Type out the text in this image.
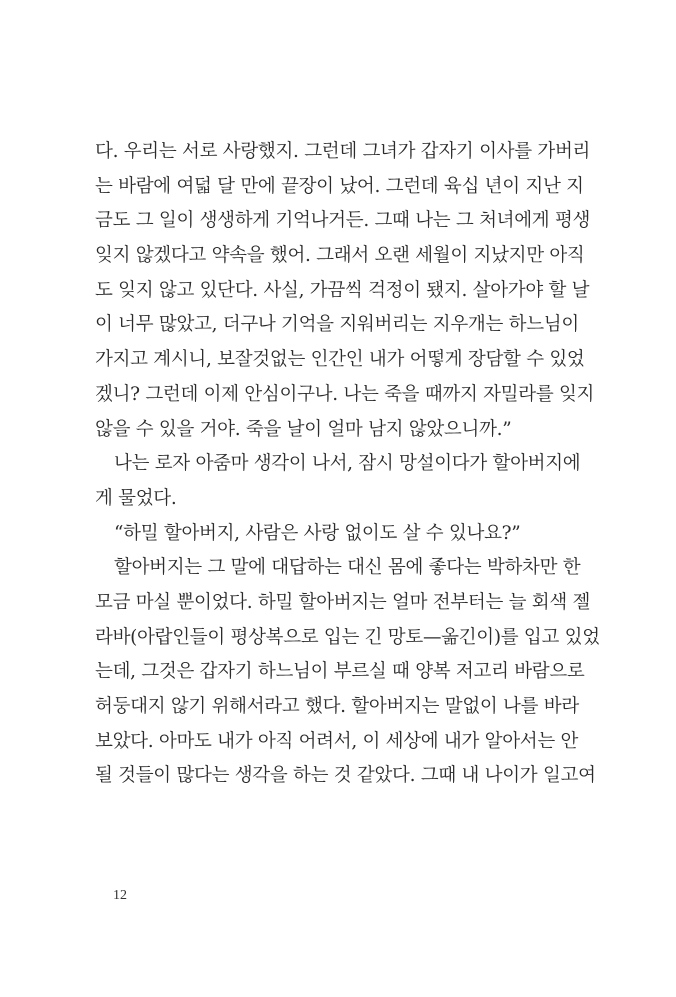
다. 우리는 서로 사랑했지. 그런데 그녀가 갑자기 이사를 가버리
는 바람에 여덟 달 만에 끝장이 났어. 그런데 육십 년이 지난 지
금도 그 일이 생생하게 기억나거든. 그때 나는 그 처녀에게 평생
잊지 않겠다고 약속을 했어. 그래서 오랜 세월이 지났지만 아직
도 잊지 않고 있단다. 사실, 가끔씩 걱정이 됐지. 살아가야 할 날
이 너무 많았고, 더구나 기억을 지워버리는 지우개는 하느님이
가지고 계시니, 보잘것없는 인간인 내가 어떻게 장담할 수 있었
겠니? 그런데 이제 안심이구나. 나는 죽을 때까지 자밀라를 잊지
않을 수 있을 거야. 죽을 날이 얼마 남지 않았으니까.”
나는 로자 아줌마 생각이 나서, 잠시 망설이다가 할아버지에
게 물었다.
“하밀 할아버지, 사람은 사랑 없이도 살 수 있나요?”
할아버지는 그 말에 대답하는 대신 몸에 좋다는 박하차만 한
모금 마실 뿐이었다. 하밀 할아버지는 얼마 전부터는 늘 회색 젤
라바(아랍인들이 평상복으로 입는 긴 망토—옮긴이)를 입고 있었
는데, 그것은 갑자기 하느님이 부르실 때 양복 저고리 바람으로
허둥대지 않기 위해서라고 했다. 할아버지는 말없이 나를 바라
보았다. 아마도 내가 아직 어려서, 이 세상에 내가 알아서는 안
될 것들이 많다는 생각을 하는 것 같았다. 그때 내 나이가 일고여
12
